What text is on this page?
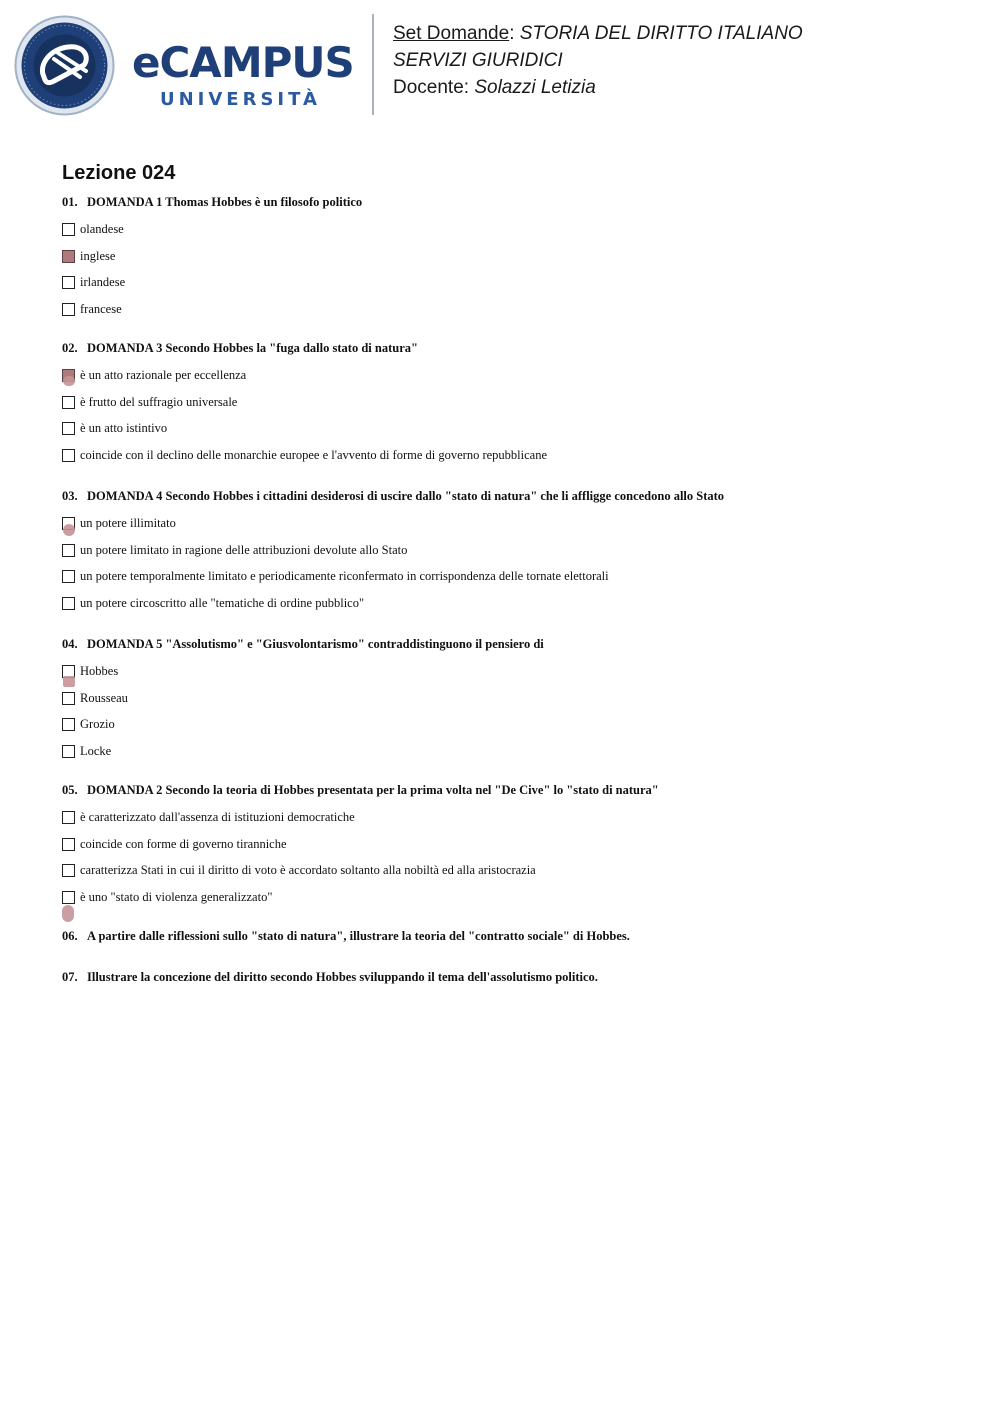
eCAMPUS
UNIVERSITÀ
Set Domande: STORIA DEL DIRITTO ITALIANO
SERVIZI GIURIDICI
Docente: Solazzi Letizia
Lezione 024

01. DOMANDA 1 Thomas Hobbes è un filosofo politico

olandese
inglese
irlandese
francese

02. DOMANDA 3 Secondo Hobbes la "fuga dallo stato di natura"

è un atto razionale per eccellenza
è frutto del suffragio universale
è un atto istintivo
coincide con il declino delle monarchie europee e l'avvento di forme di governo repubblicane

03. DOMANDA 4 Secondo Hobbes i cittadini desiderosi di uscire dallo "stato di natura" che li affligge concedono allo Stato

un potere illimitato
un potere limitato in ragione delle attribuzioni devolute allo Stato
un potere temporalmente limitato e periodicamente riconfermato in corrispondenza delle tornate elettorali
un potere circoscritto alle "tematiche di ordine pubblico"

04. DOMANDA 5 "Assolutismo" e "Giusvolontarismo" contraddistinguono il pensiero di

Hobbes
Rousseau
Grozio
Locke

05. DOMANDA 2 Secondo la teoria di Hobbes presentata per la prima volta nel "De Cive" lo "stato di natura"

è caratterizzato dall'assenza di istituzioni democratiche
coincide con forme di governo tiranniche
caratterizza Stati in cui il diritto di voto è accordato soltanto alla nobiltà ed alla aristocrazia
è uno "stato di violenza generalizzato"

06. A partire dalle riflessioni sullo "stato di natura", illustrare la teoria del "contratto sociale" di Hobbes.

07. Illustrare la concezione del diritto secondo Hobbes sviluppando il tema dell'assolutismo politico.
